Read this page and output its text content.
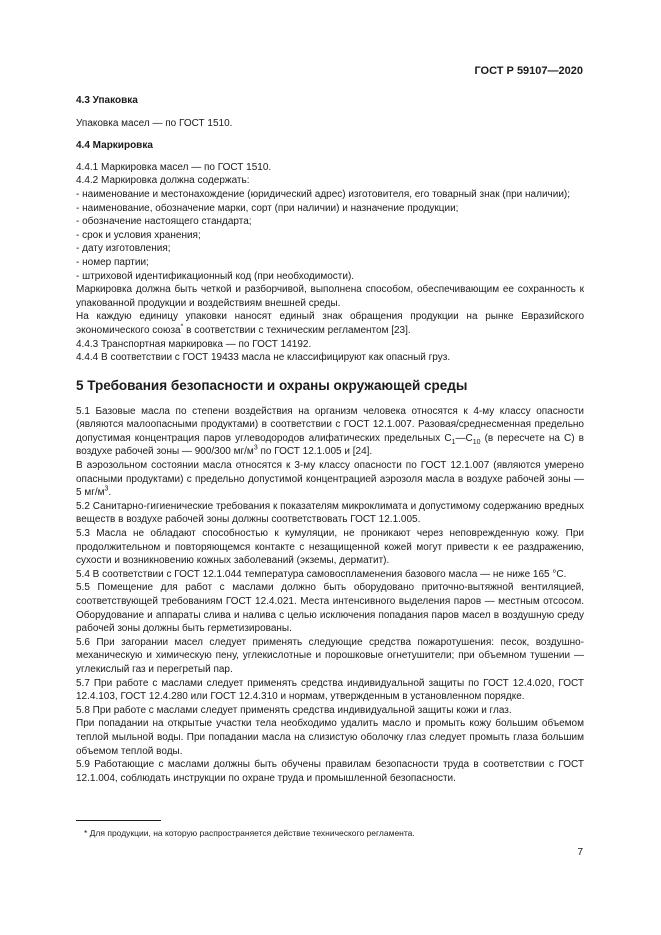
ГОСТ Р 59107—2020

4.3 Упаковка

Упаковка масел — по ГОСТ 1510.

4.4 Маркировка

4.4.1 Маркировка масел — по ГОСТ 1510.

4.4.2 Маркировка должна содержать:

- наименование и местонахождение (юридический адрес) изготовителя, его товарный знак (при наличии);

- наименование, обозначение марки, сорт (при наличии) и назначение продукции;

- обозначение настоящего стандарта;

- срок и условия хранения;

- дату изготовления;

- номер партии;

- штриховой идентификационный код (при необходимости).

Маркировка должна быть четкой и разборчивой, выполнена способом, обеспечивающим ее сохранность к упакованной продукции и воздействиям внешней среды.

На каждую единицу упаковки наносят единый знак обращения продукции на рынке Евразийского экономического союза* в соответствии с техническим регламентом [23].

4.4.3 Транспортная маркировка — по ГОСТ 14192.

4.4.4 В соответствии с ГОСТ 19433 масла не классифицируют как опасный груз.

5 Требования безопасности и охраны окружающей среды

5.1 Базовые масла по степени воздействия на организм человека относятся к 4-му классу опасности (являются малоопасными продуктами) в соответствии с ГОСТ 12.1.007. Разовая/среднесменная предельно допустимая концентрация паров углеводородов алифатических предельных $С_1—С_{10}$ (в пересчете на С) в воздухе рабочей зоны — 900/300 $мг/м^3$ по ГОСТ 12.1.005 и [24].

В аэрозольном состоянии масла относятся к 3-му классу опасности по ГОСТ 12.1.007 (являются умерено опасными продуктами) с предельно допустимой концентрацией аэрозоля масла в воздухе рабочей зоны — 5 $мг/м^3$.

5.2 Санитарно-гигиенические требования к показателям микроклимата и допустимому содержанию вредных веществ в воздухе рабочей зоны должны соответствовать ГОСТ 12.1.005.

5.3 Масла не обладают способностью к кумуляции, не проникают через неповрежденную кожу. При продолжительном и повторяющемся контакте с незащищенной кожей могут привести к ее раздражению, сухости и возникновению кожных заболеваний (экземы, дерматит).

5.4 В соответствии с ГОСТ 12.1.044 температура самовоспламенения базового масла — не ниже 165 °С.

5.5 Помещение для работ с маслами должно быть оборудовано приточно-вытяжной вентиляцией, соответствующей требованиям ГОСТ 12.4.021. Места интенсивного выделения паров — местным отсосом. Оборудование и аппараты слива и налива с целью исключения попадания паров масел в воздушную среду рабочей зоны должны быть герметизированы.

5.6 При загорании масел следует применять следующие средства пожаротушения: песок, воздушно-механическую и химическую пену, углекислотные и порошковые огнетушители; при объемном тушении — углекислый газ и перегретый пар.

5.7 При работе с маслами следует применять средства индивидуальной защиты по ГОСТ 12.4.020, ГОСТ 12.4.103, ГОСТ 12.4.280 или ГОСТ 12.4.310 и нормам, утвержденным в установленном порядке.

5.8 При работе с маслами следует применять средства индивидуальной защиты кожи и глаз.

При попадании на открытые участки тела необходимо удалить масло и промыть кожу большим объемом теплой мыльной воды. При попадании масла на слизистую оболочку глаз следует промыть глаза большим объемом теплой воды.

5.9 Работающие с маслами должны быть обучены правилам безопасности труда в соответствии с ГОСТ 12.1.004, соблюдать инструкции по охране труда и промышленной безопасности.

* Для продукции, на которую распространяется действие технического регламента.
7
